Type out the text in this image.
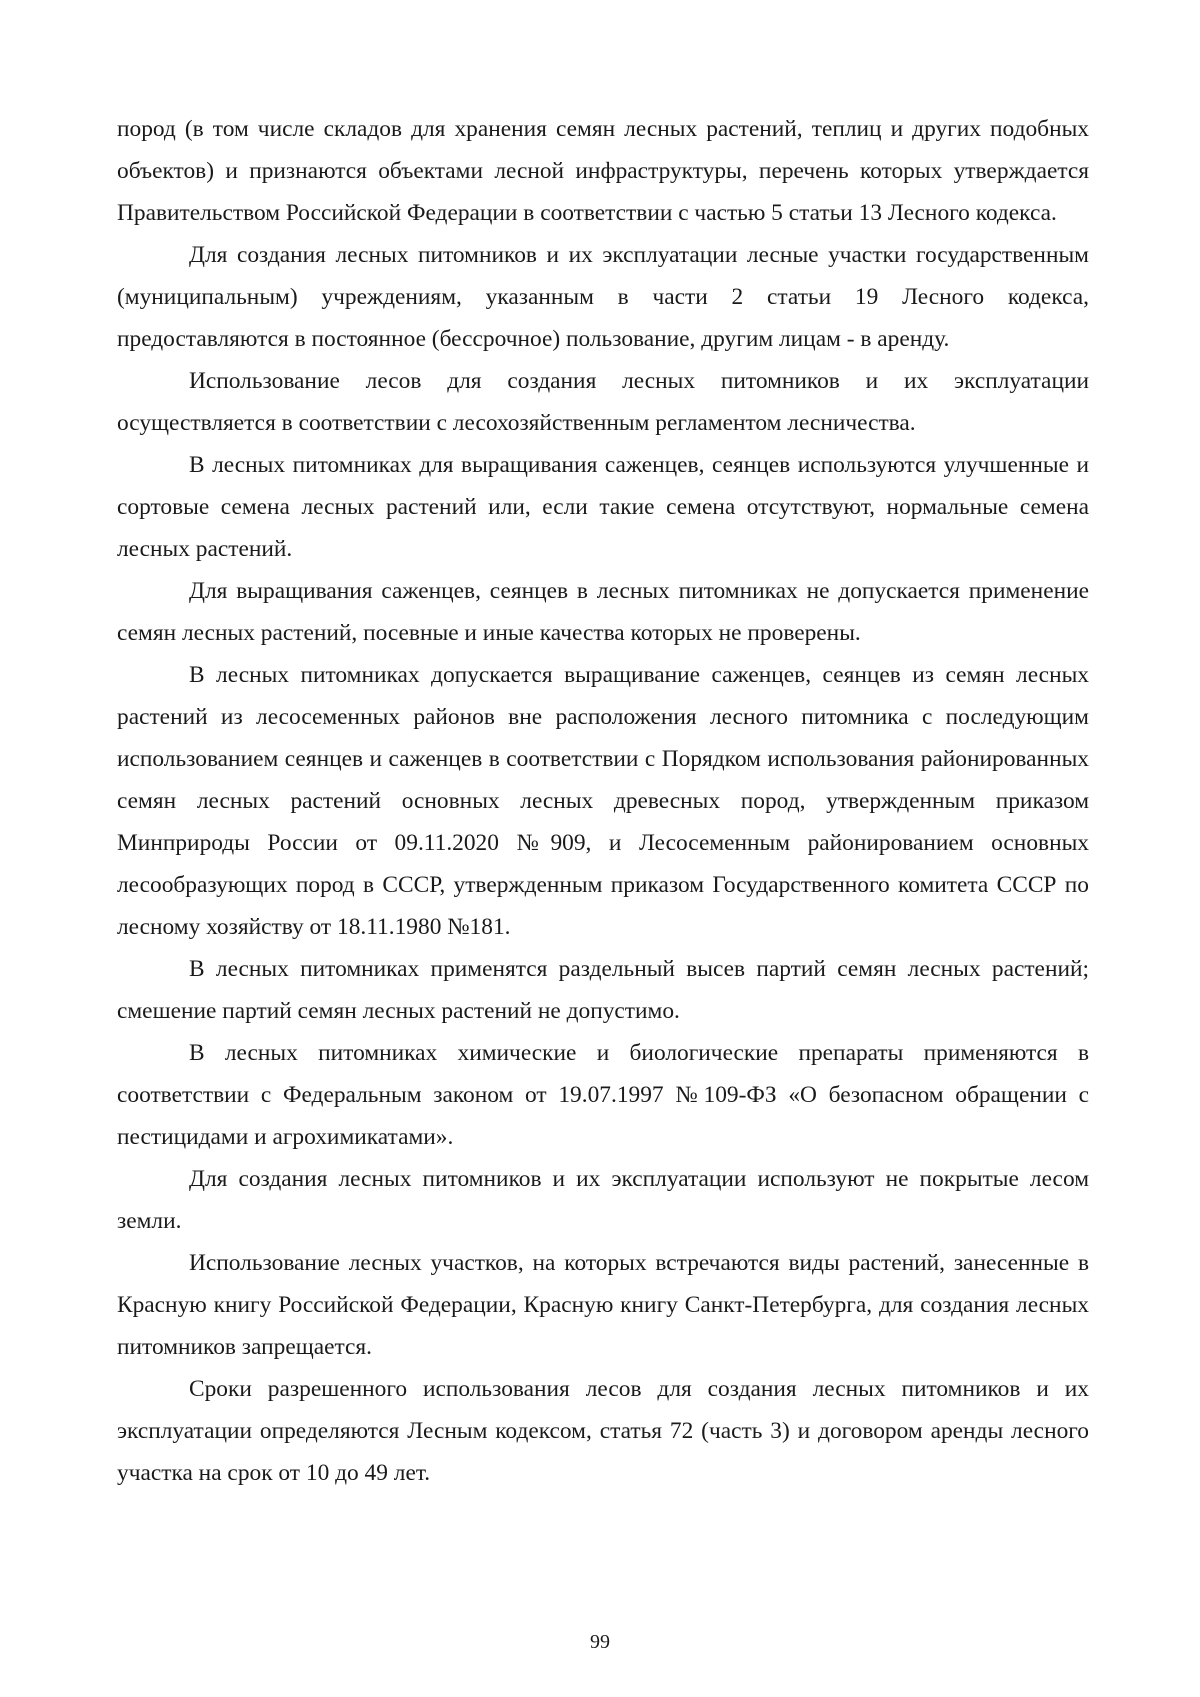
пород (в том числе складов для хранения семян лесных растений, теплиц и других подобных объектов) и признаются объектами лесной инфраструктуры, перечень которых утверждается Правительством Российской Федерации в соответствии с частью 5 статьи 13 Лесного кодекса.

Для создания лесных питомников и их эксплуатации лесные участки государственным (муниципальным) учреждениям, указанным в части 2 статьи 19 Лесного кодекса, предоставляются в постоянное (бессрочное) пользование, другим лицам - в аренду.

Использование лесов для создания лесных питомников и их эксплуатации осуществляется в соответствии с лесохозяйственным регламентом лесничества.

В лесных питомниках для выращивания саженцев, сеянцев используются улучшенные и сортовые семена лесных растений или, если такие семена отсутствуют, нормальные семена лесных растений.

Для выращивания саженцев, сеянцев в лесных питомниках не допускается применение семян лесных растений, посевные и иные качества которых не проверены.

В лесных питомниках допускается выращивание саженцев, сеянцев из семян лесных растений из лесосеменных районов вне расположения лесного питомника с последующим использованием сеянцев и саженцев в соответствии с Порядком использования районированных семян лесных растений основных лесных древесных пород, утвержденным приказом Минприроды России от 09.11.2020 №909, и Лесосеменным районированием основных лесообразующих пород в СССР, утвержденным приказом Государственного комитета СССР по лесному хозяйству от 18.11.1980 №181.

В лесных питомниках применятся раздельный высев партий семян лесных растений; смешение партий семян лесных растений не допустимо.

В лесных питомниках химические и биологические препараты применяются в соответствии с Федеральным законом от 19.07.1997 №109-ФЗ «О безопасном обращении с пестицидами и агрохимикатами».

Для создания лесных питомников и их эксплуатации используют не покрытые лесом земли.

Использование лесных участков, на которых встречаются виды растений, занесенные в Красную книгу Российской Федерации, Красную книгу Санкт-Петербурга, для создания лесных питомников запрещается.

Сроки разрешенного использования лесов для создания лесных питомников и их эксплуатации определяются Лесным кодексом, статья 72 (часть 3) и договором аренды лесного участка на срок от 10 до 49 лет.

99
